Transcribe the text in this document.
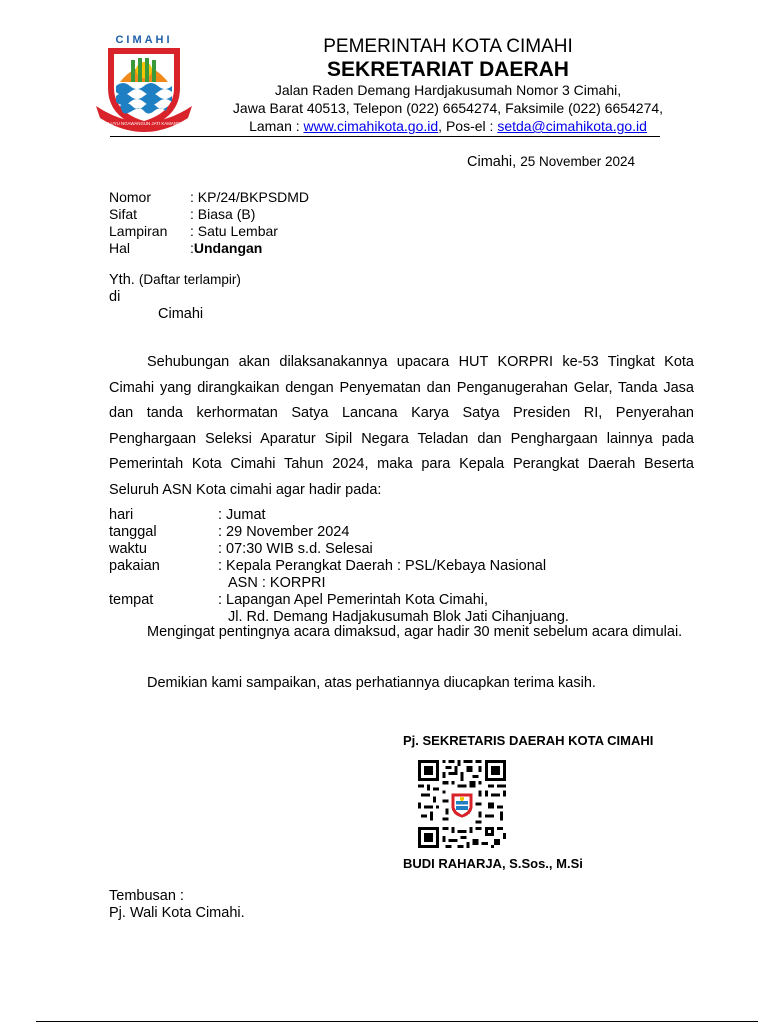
CIMAHI
SALUYU NGAWANGUN JATI KAMANDIRI
PEMERINTAH KOTA CIMAHI
SEKRETARIAT DAERAH
Jalan Raden Demang Hardjakusumah Nomor 3 Cimahi,
Jawa Barat 40513, Telepon (022) 6654274, Faksimile (022) 6654274,
Laman : www.cimahikota.go.id, Pos-el : setda@cimahikota.go.id
Cimahi, 25 November 2024
Nomor	: KP/24/BKPSDMD
Sifat	: Biasa (B)
Lampiran	: Satu Lembar
Hal	: Undangan
Yth. (Daftar terlampir)
di
Cimahi
Sehubungan akan dilaksanakannya upacara HUT KORPRI ke-53 Tingkat Kota Cimahi yang dirangkaikan dengan Penyematan dan Penganugerahan Gelar, Tanda Jasa dan tanda kerhormatan Satya Lancana Karya Satya Presiden RI, Penyerahan Penghargaan Seleksi Aparatur Sipil Negara Teladan dan Penghargaan lainnya pada Pemerintah Kota Cimahi Tahun 2024, maka para Kepala Perangkat Daerah Beserta Seluruh ASN Kota cimahi agar hadir pada:
hari	: Jumat
tanggal	: 29 November 2024
waktu	: 07:30 WIB s.d. Selesai
pakaian	: Kepala Perangkat Daerah : PSL/Kebaya Nasional
ASN : KORPRI
tempat	: Lapangan Apel Pemerintah Kota Cimahi,
Jl. Rd. Demang Hadjakusumah Blok Jati Cihanjuang.
Mengingat pentingnya acara dimaksud, agar hadir 30 menit sebelum acara dimulai.
Demikian kami sampaikan, atas perhatiannya diucapkan terima kasih.
Pj. SEKRETARIS DAERAH KOTA CIMAHI
BUDI RAHARJA, S.Sos., M.Si
Tembusan :
Pj. Wali Kota Cimahi.
